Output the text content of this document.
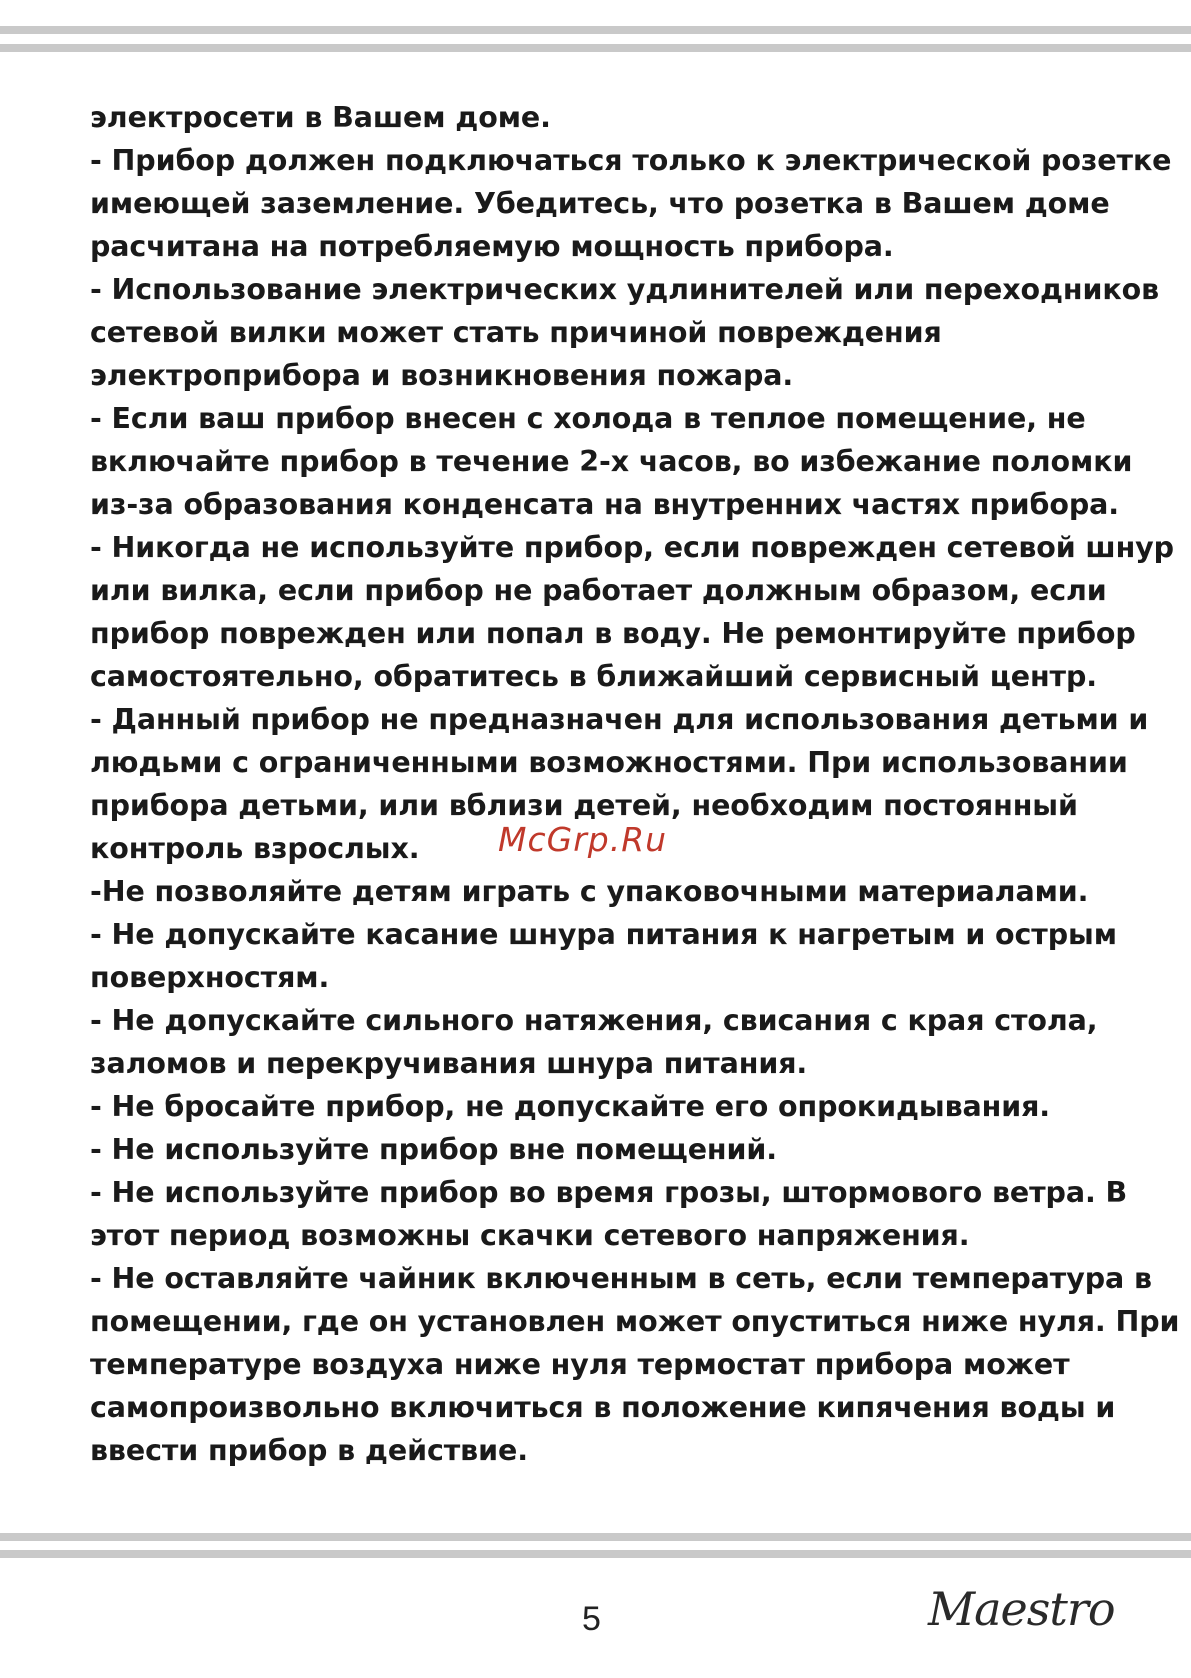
электросети в Вашем доме.
- Прибор должен подключаться только к электрической розетке
имеющей заземление. Убедитесь, что розетка в Вашем доме
расчитана на потребляемую мощность прибора.
- Использование электрических удлинителей или переходников
сетевой вилки может стать причиной повреждения
электроприбора и возникновения пожара.
- Если ваш прибор внесен с холода в теплое помещение, не
включайте прибор в течение 2-х часов, во избежание поломки
из-за образования конденсата на внутренних частях прибора.
- Никогда не используйте прибор, если поврежден сетевой шнур
или вилка, если прибор не работает должным образом, если
прибор поврежден или попал в воду. Не ремонтируйте прибор
самостоятельно, обратитесь в ближайший сервисный центр.
- Данный прибор не предназначен для использования детьми и
людьми с ограниченными возможностями. При использовании
прибора детьми, или вблизи детей, необходим постоянный
контроль взрослых.
-Не позволяйте детям играть с упаковочными материалами.
- Не допускайте касание шнура питания к нагретым и острым
поверхностям.
- Не допускайте сильного натяжения, свисания с края стола,
заломов и перекручивания шнура питания.
- Не бросайте прибор, не допускайте его опрокидывания.
- Не используйте прибор вне помещений.
- Не используйте прибор во время грозы, штормового ветра. В
этот период возможны скачки сетевого напряжения.
- Не оставляйте чайник включенным в сеть, если температура в
помещении, где он установлен может опуститься ниже нуля. При
температуре воздуха ниже нуля термостат прибора может
самопроизвольно включиться в положение кипячения воды и
ввести прибор в действие.
McGrp.Ru
5	Maestro
